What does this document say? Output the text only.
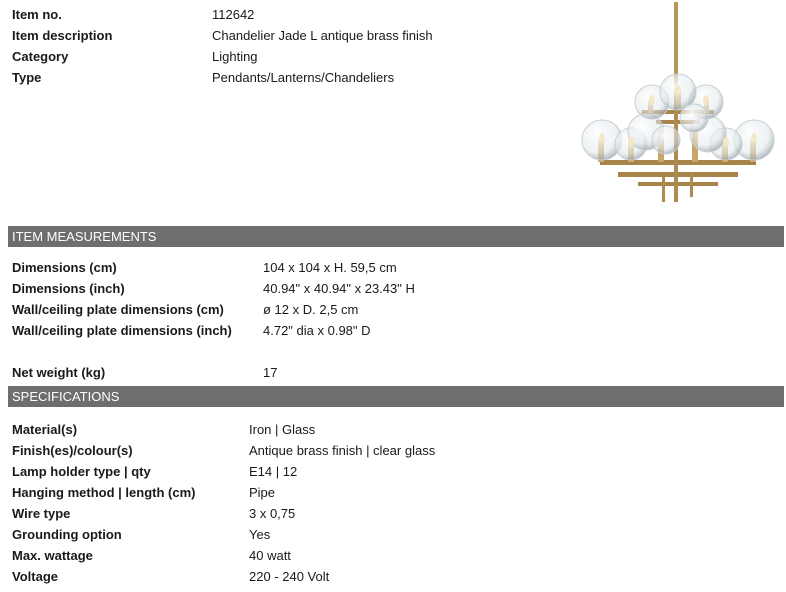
Item no.	112642
Item description	Chandelier Jade L antique brass finish
Category	Lighting
Type	Pendants/Lanterns/Chandeliers
ITEM MEASUREMENTS
Dimensions (cm)	104 x 104 x H. 59,5 cm
Dimensions (inch)	40.94" x 40.94" x 23.43" H
Wall/ceiling plate dimensions (cm)	ø 12 x D. 2,5 cm
Wall/ceiling plate dimensions (inch) 4.72" dia x 0.98" D
Net weight (kg)	17
SPECIFICATIONS
Material(s)	Iron | Glass
Finish(es)/colour(s)	Antique brass finish | clear glass
Lamp holder type | qty	E14 | 12
Hanging method | length (cm)	Pipe
Wire type	3 x 0,75
Grounding option	Yes
Max. wattage	40 watt
Voltage	220 - 240 Volt
